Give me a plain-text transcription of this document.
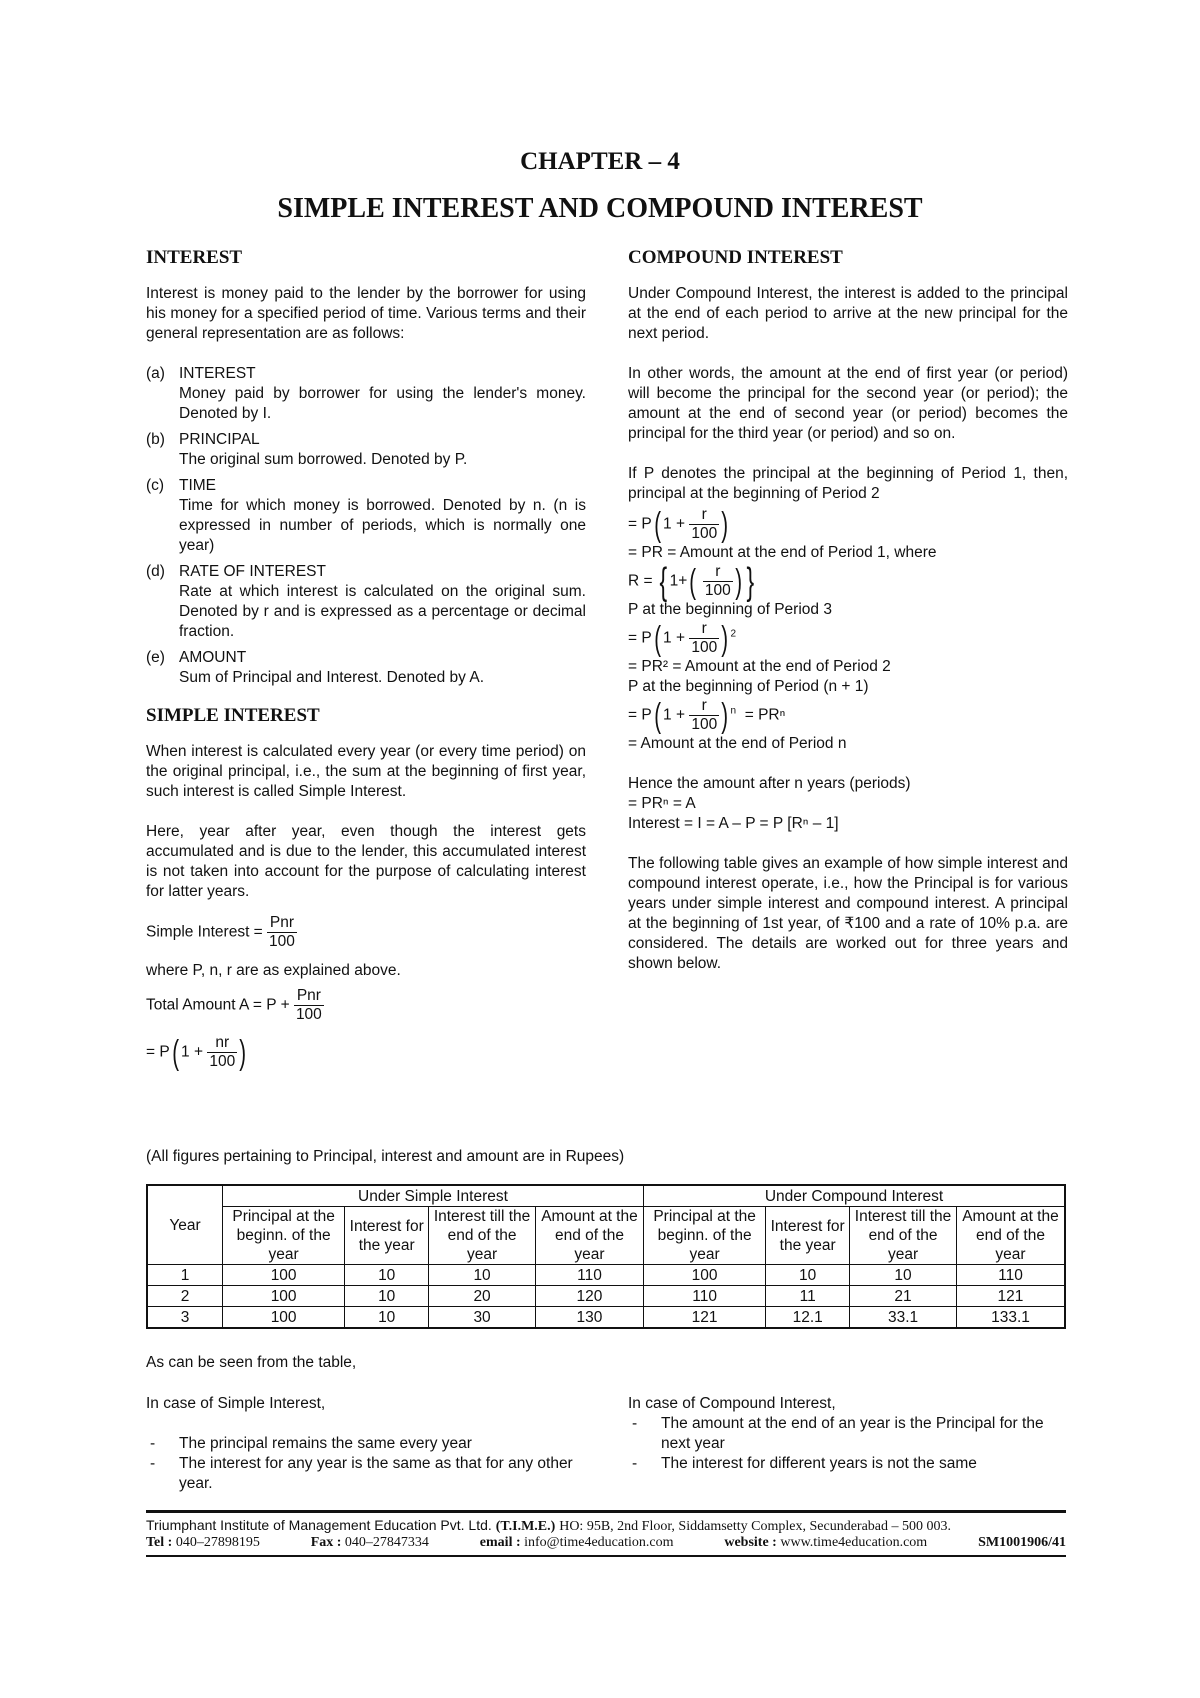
CHAPTER – 4
SIMPLE INTEREST AND COMPOUND INTEREST
INTEREST

Interest is money paid to the lender by the borrower for using his money for a specified period of time. Various terms and their general representation are as follows:

(a) INTEREST

Money paid by borrower for using the lender's money. Denoted by I.

(b) PRINCIPAL

The original sum borrowed. Denoted by P.

(c) TIME

Time for which money is borrowed. Denoted by n. (n is expressed in number of periods, which is normally one year)

(d) RATE OF INTEREST

Rate at which interest is calculated on the original sum. Denoted by r and is expressed as a percentage or decimal fraction.

(e) AMOUNT

Sum of Principal and Interest. Denoted by A.

SIMPLE INTEREST

When interest is calculated every year (or every time period) on the original principal, i.e., the sum at the beginning of first year, such interest is called Simple Interest.

Here, year after year, even though the interest gets accumulated and is due to the lender, this accumulated interest is not taken into account for the purpose of calculating interest for latter years.

Simple Interest = $\frac{\text{Pnr}}{100}$
where P, n, r are as explained above.
Total Amount $A = P + \frac{\text{Pnr}}{100}$
= P( $1 + \frac{nr}{100}$ )
COMPOUND INTEREST

Under Compound Interest, the interest is added to the principal at the end of each period to arrive at the new principal for the next period.

In other words, the amount at the end of first year (or period) will become the principal for the second year (or period); the amount at the end of second year (or period) becomes the principal for the third year (or period) and so on.

If P denotes the principal at the beginning of Period 1, then, principal at the beginning of Period 2

= P( $1 + \frac{r}{100}$ )
= PR = Amount at the end of Period 1, where
R = { $1+( \frac{r}{100}$ ) }
P at the beginning of Period 3
= P( $1 + \frac{r}{100}$ ) $^2$
= PR² = Amount at the end of Period 2
P at the beginning of Period (n + 1)
= P( $1 + \frac{r}{100}$ ) $^n$ = PRⁿ
= Amount at the end of Period n
Hence the amount after n years (periods)
= PRⁿ = A
Interest = I = A – P = P [Rⁿ – 1]

The following table gives an example of how simple interest and compound interest operate, i.e., how the Principal is for various years under simple interest and compound interest. A principal at the beginning of 1st year, of ₹100 and a rate of 10% p.a. are considered. The details are worked out for three years and shown below.

(All figures pertaining to Principal, interest and amount are in Rupees)
Year	Under Simple Interest				Under Compound Interest			
	Principal at the beginn. of the year	Interest for the year	Interest till the end of the year	Amount at the end of the year	Principal at the beginn. of the year	Interest for the year	Interest till the end of the year	Amount at the end of the year
1	100	10	10	110	100	10	10	110
2	100	10	20	120	110	11	21	121
3	100	10	30	130	121	12.1	33.1	133.1
As can be seen from the table,
In case of Simple Interest,
- The principal remains the same every year
- The interest for any year is the same as that for any other year.
In case of Compound Interest,
- The amount at the end of an year is the Principal for the next year
- The interest for different years is not the same
Triumphant Institute of Management Education Pvt. Ltd. (T.I.M.E.) HO: 95B, 2nd Floor, Siddamsetty Complex, Secunderabad – 500 003.
Tel : 040–27898195	Fax : 040–27847334	email : info@time4education.com	website : www.time4education.com	SM1001906/41
